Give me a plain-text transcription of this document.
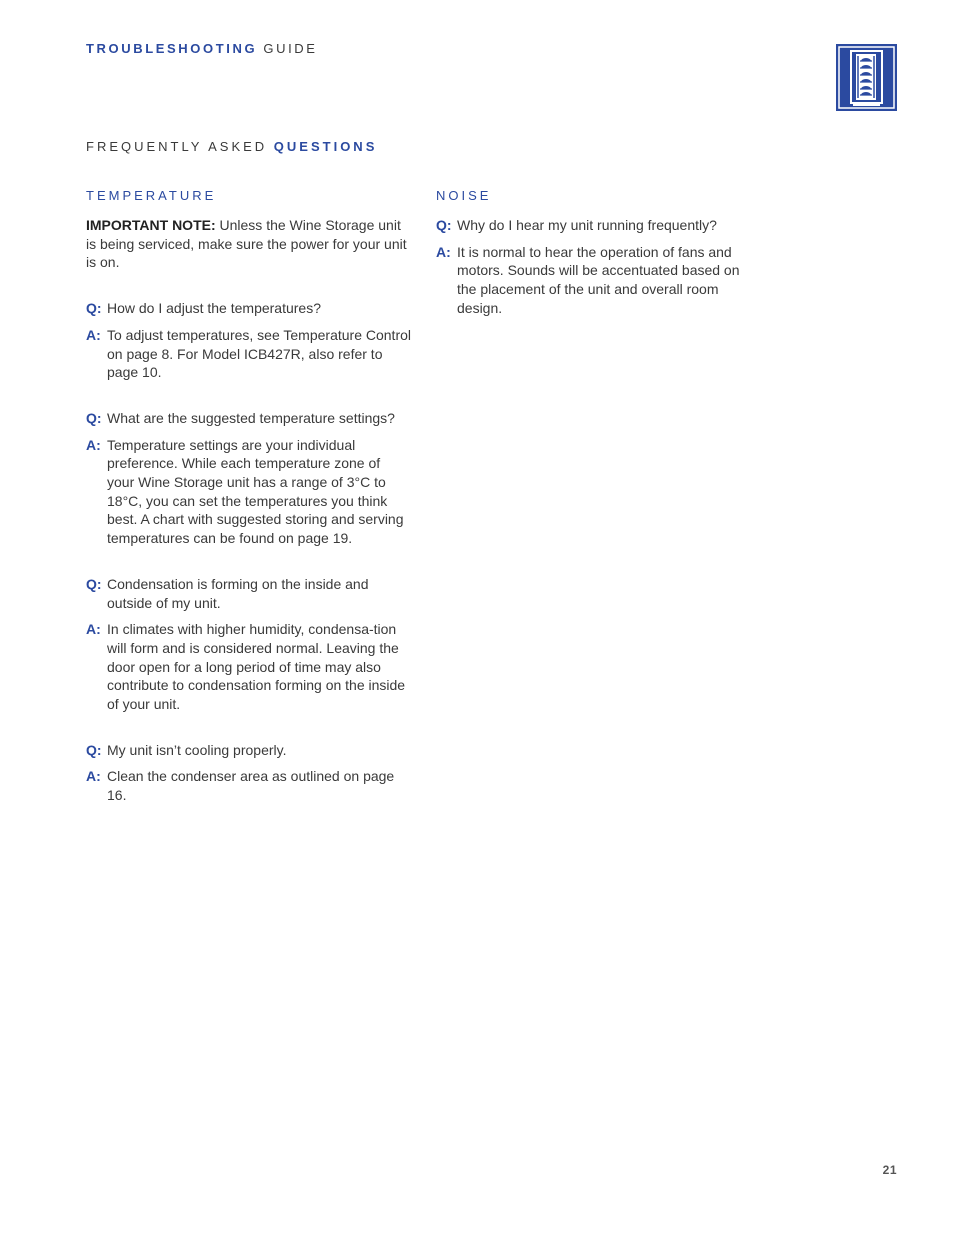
TROUBLESHOOTING GUIDE
FREQUENTLY ASKED QUESTIONS
TEMPERATURE
IMPORTANT NOTE: Unless the Wine Storage unit is being serviced, make sure the power for your unit is on.
Q: How do I adjust the temperatures?
A: To adjust temperatures, see Temperature Control on page 8. For Model ICB427R, also refer to page 10.
Q: What are the suggested temperature settings?
A: Temperature settings are your individual preference. While each temperature zone of your Wine Storage unit has a range of 3°C to 18°C, you can set the temperatures you think best. A chart with suggested storing and serving temperatures can be found on page 19.
Q: Condensation is forming on the inside and outside of my unit.
A: In climates with higher humidity, condensa-tion will form and is considered normal. Leaving the door open for a long period of time may also contribute to condensation forming on the inside of your unit.
Q: My unit isn’t cooling properly.
A: Clean the condenser area as outlined on page 16.
NOISE
Q: Why do I hear my unit running frequently?
A: It is normal to hear the operation of fans and motors. Sounds will be accentuated based on the placement of the unit and overall room design.
21
